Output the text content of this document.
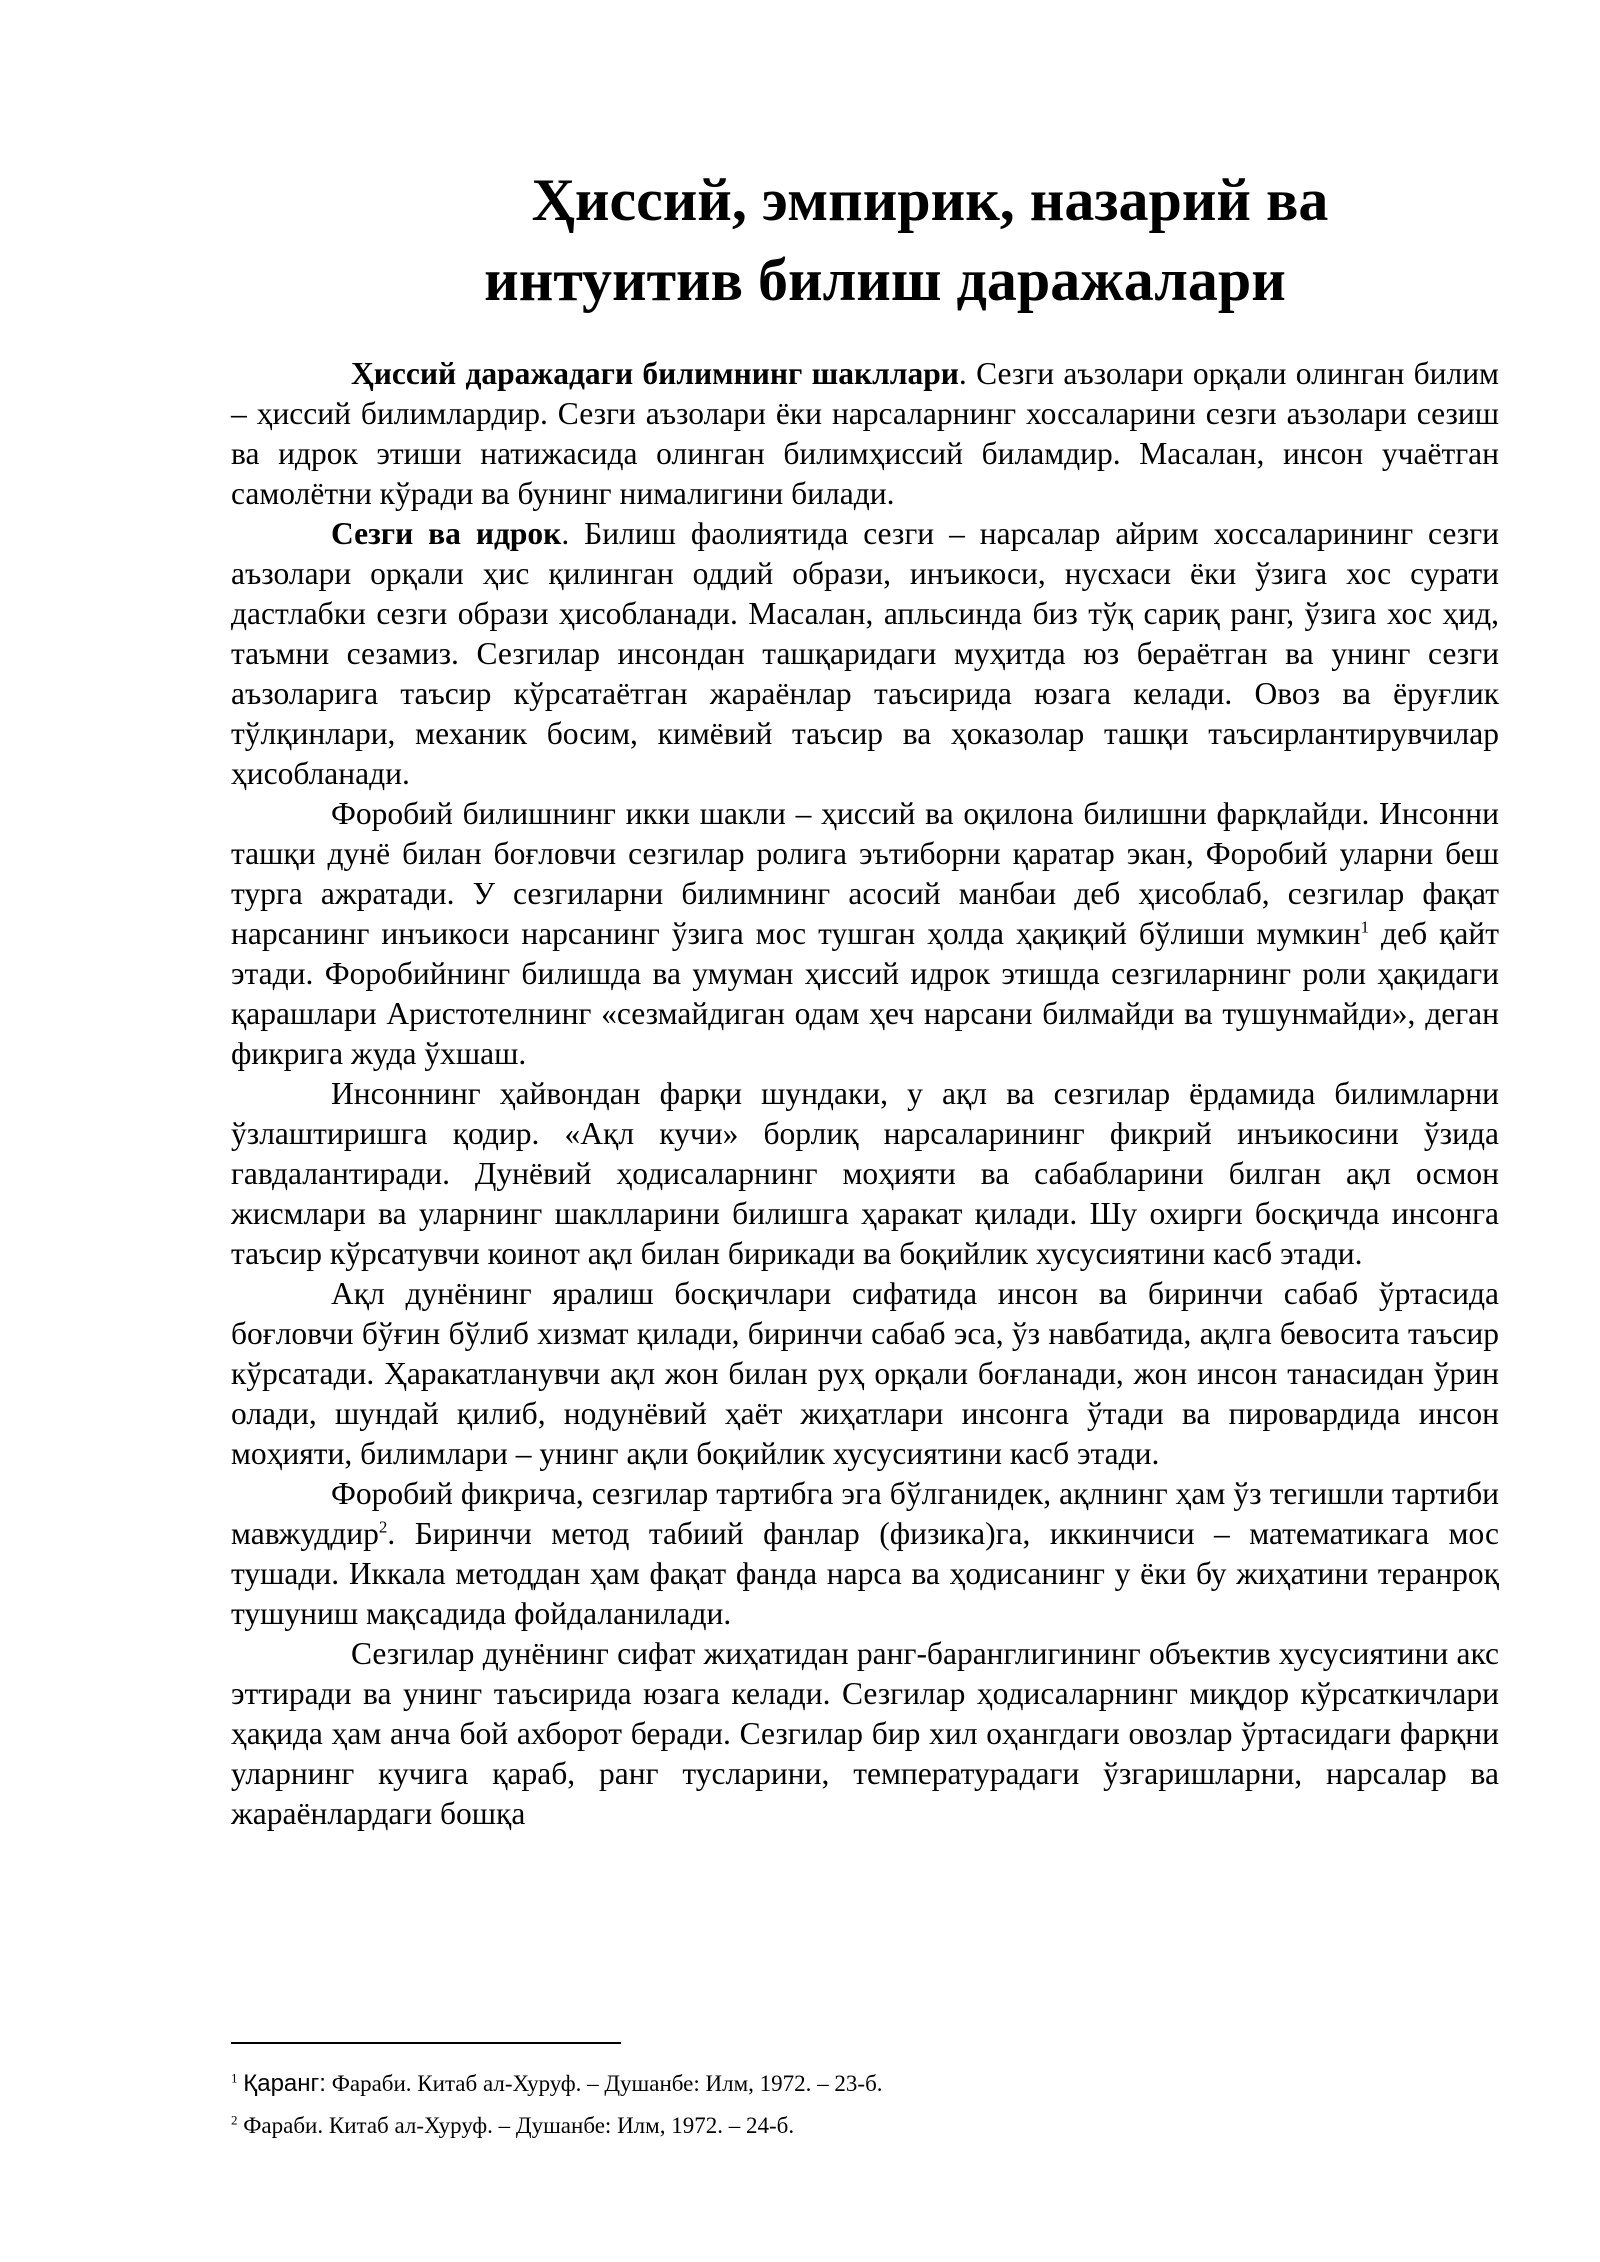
Ҳиссий, эмпирик, назарий ва
интуитив билиш даражалари

Ҳиссий даражадаги билимнинг шакллари. Сезги аъзолари орқали олинган билим – ҳиссий билимлардир. Сезги аъзолари ёки нарсаларнинг хоссаларини сезги аъзолари сезиш ва идрок этиши натижасида олинган билимҳиссий биламдир. Масалан, инсон учаётган самолётни кўради ва бунинг нималигини билади.

Сезги ва идрок. Билиш фаолиятида сезги – нарсалар айрим хоссаларининг сезги аъзолари орқали ҳис қилинган оддий образи, инъикоси, нусхаси ёки ўзига хос сурати дастлабки сезги образи ҳисобланади. Масалан, апльсинда биз тўқ сариқ ранг, ўзига хос ҳид, таъмни сезамиз. Сезгилар инсондан ташқаридаги муҳитда юз бераётган ва унинг сезги аъзоларига таъсир кўрсатаётган жараёнлар таъсирида юзага келади. Овоз ва ёруғлик тўлқинлари, механик босим, кимёвий таъсир ва ҳоказолар ташқи таъсирлантирувчилар ҳисобланади.

Форобий билишнинг икки шакли – ҳиссий ва оқилона билишни фарқлайди. Инсонни ташқи дунё билан боғловчи сезгилар ролига эътиборни қаратар экан, Форобий уларни беш турга ажратади. У сезгиларни билимнинг асосий манбаи деб ҳисоблаб, сезгилар фақат нарсанинг инъикоси нарсанинг ўзига мос тушган ҳолда ҳақиқий бўлиши мумкин$^1$ деб қайт этади. Форобийнинг билишда ва умуман ҳиссий идрок этишда сезгиларнинг роли ҳақидаги қарашлари Аристотелнинг «сезмайдиган одам ҳеч нарсани билмайди ва тушунмайди», деган фикрига жуда ўхшаш.

Инсоннинг ҳайвондан фарқи шундаки, у ақл ва сезгилар ёрдамида билимларни ўзлаштиришга қодир. «Ақл кучи» борлиқ нарсаларининг фикрий инъикосини ўзида гавдалантиради. Дунёвий ҳодисаларнинг моҳияти ва сабабларини билган ақл осмон жисмлари ва уларнинг шаклларини билишга ҳаракат қилади. Шу охирги босқичда инсонга таъсир кўрсатувчи коинот ақл билан бирикади ва боқийлик хусусиятини касб этади.

Ақл дунёнинг яралиш босқичлари сифатида инсон ва биринчи сабаб ўртасида боғловчи бўғин бўлиб хизмат қилади, биринчи сабаб эса, ўз навбатида, ақлга бевосита таъсир кўрсатади. Ҳаракатланувчи ақл жон билан руҳ орқали боғланади, жон инсон танасидан ўрин олади, шундай қилиб, нодунёвий ҳаёт жиҳатлари инсонга ўтади ва пировардида инсон моҳияти, билимлари – унинг ақли боқийлик хусусиятини касб этади.

Форобий фикрича, сезгилар тартибга эга бўлганидек, ақлнинг ҳам ўз тегишли тартиби мавжуддир$^2$. Биринчи метод табиий фанлар (физика)га, иккинчиси – математикага мос тушади. Иккала методдан ҳам фақат фанда нарса ва ҳодисанинг у ёки бу жиҳатини теранроқ тушуниш мақсадида фойдаланилади.

Сезгилар дунёнинг сифат жиҳатидан ранг-баранглигининг объектив хусусиятини акс эттиради ва унинг таъсирида юзага келади. Сезгилар ҳодисаларнинг миқдор кўрсаткичлари ҳақида ҳам анча бой ахборот беради. Сезгилар бир хил оҳангдаги овозлар ўртасидаги фарқни уларнинг кучига қараб, ранг тусларини, температурадаги ўзгаришларни, нарсалар ва жараёнлардаги бошқа

$^1$ Қаранг: Фараби. Китаб ал-Хуруф. – Душанбе: Илм, 1972. – 23-б.

$^2$ Фараби. Китаб ал-Хуруф. – Душанбе: Илм, 1972. – 24-б.
